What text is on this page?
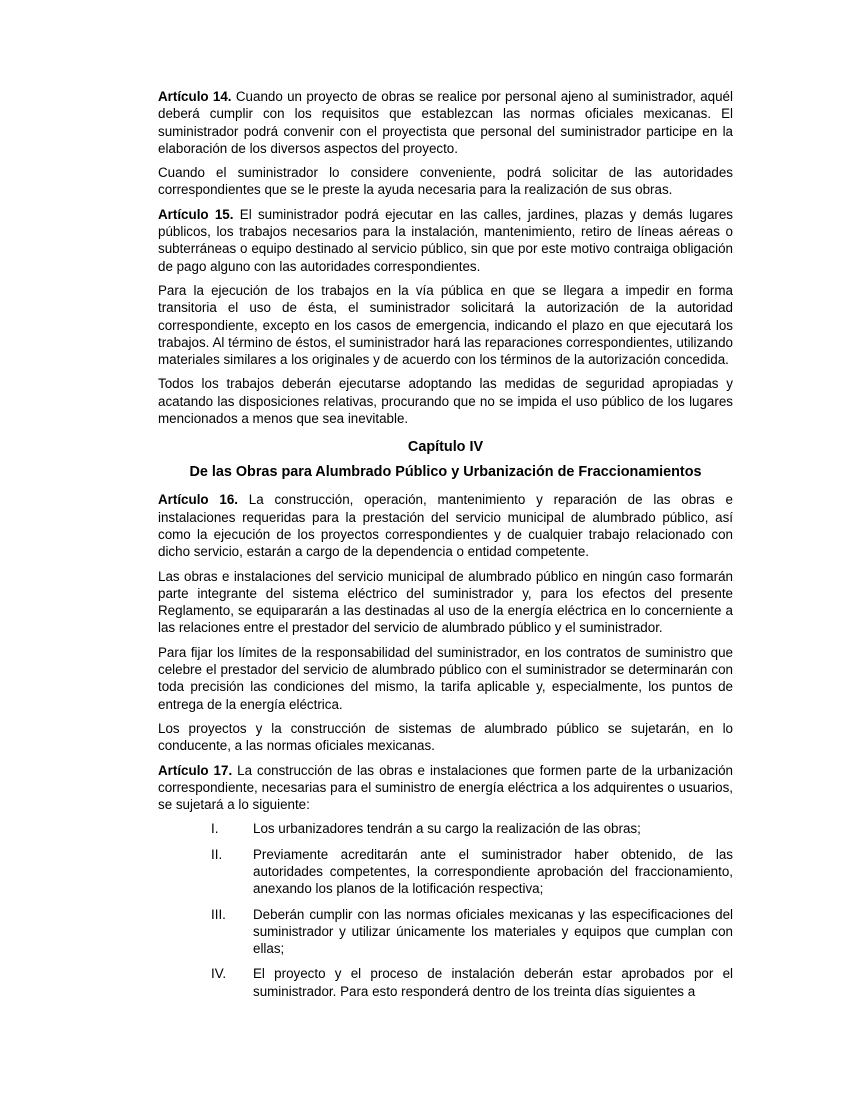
Artículo 14. Cuando un proyecto de obras se realice por personal ajeno al suministrador, aquél deberá cumplir con los requisitos que establezcan las normas oficiales mexicanas. El suministrador podrá convenir con el proyectista que personal del suministrador participe en la elaboración de los diversos aspectos del proyecto.

Cuando el suministrador lo considere conveniente, podrá solicitar de las autoridades correspondientes que se le preste la ayuda necesaria para la realización de sus obras.

Artículo 15. El suministrador podrá ejecutar en las calles, jardines, plazas y demás lugares públicos, los trabajos necesarios para la instalación, mantenimiento, retiro de líneas aéreas o subterráneas o equipo destinado al servicio público, sin que por este motivo contraiga obligación de pago alguno con las autoridades correspondientes.

Para la ejecución de los trabajos en la vía pública en que se llegara a impedir en forma transitoria el uso de ésta, el suministrador solicitará la autorización de la autoridad correspondiente, excepto en los casos de emergencia, indicando el plazo en que ejecutará los trabajos. Al término de éstos, el suministrador hará las reparaciones correspondientes, utilizando materiales similares a los originales y de acuerdo con los términos de la autorización concedida.

Todos los trabajos deberán ejecutarse adoptando las medidas de seguridad apropiadas y acatando las disposiciones relativas, procurando que no se impida el uso público de los lugares mencionados a menos que sea inevitable.

Capítulo IV
De las Obras para Alumbrado Público y Urbanización de Fraccionamientos

Artículo 16. La construcción, operación, mantenimiento y reparación de las obras e instalaciones requeridas para la prestación del servicio municipal de alumbrado público, así como la ejecución de los proyectos correspondientes y de cualquier trabajo relacionado con dicho servicio, estarán a cargo de la dependencia o entidad competente.

Las obras e instalaciones del servicio municipal de alumbrado público en ningún caso formarán parte integrante del sistema eléctrico del suministrador y, para los efectos del presente Reglamento, se equipararán a las destinadas al uso de la energía eléctrica en lo concerniente a las relaciones entre el prestador del servicio de alumbrado público y el suministrador.

Para fijar los límites de la responsabilidad del suministrador, en los contratos de suministro que celebre el prestador del servicio de alumbrado público con el suministrador se determinarán con toda precisión las condiciones del mismo, la tarifa aplicable y, especialmente, los puntos de entrega de la energía eléctrica.

Los proyectos y la construcción de sistemas de alumbrado público se sujetarán, en lo conducente, a las normas oficiales mexicanas.

Artículo 17. La construcción de las obras e instalaciones que formen parte de la urbanización correspondiente, necesarias para el suministro de energía eléctrica a los adquirentes o usuarios, se sujetará a lo siguiente:

I.	Los urbanizadores tendrán a su cargo la realización de las obras;
II.	Previamente acreditarán ante el suministrador haber obtenido, de las autoridades competentes, la correspondiente aprobación del fraccionamiento, anexando los planos de la lotificación respectiva;
III.	Deberán cumplir con las normas oficiales mexicanas y las especificaciones del suministrador y utilizar únicamente los materiales y equipos que cumplan con ellas;
IV.	El proyecto y el proceso de instalación deberán estar aprobados por el suministrador. Para esto responderá dentro de los treinta días siguientes a
